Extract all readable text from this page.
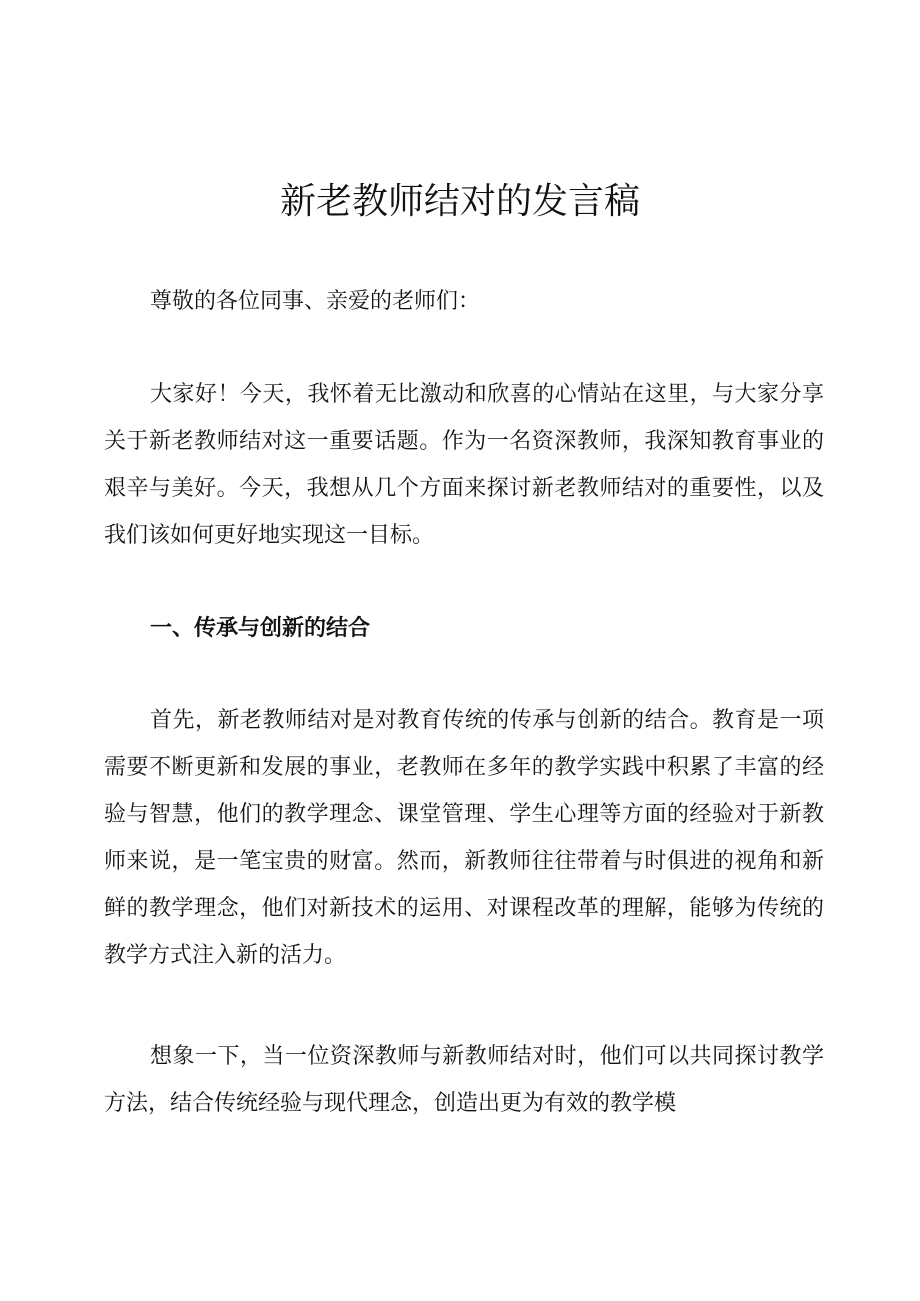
新老教师结对的发言稿

尊敬的各位同事、亲爱的老师们：

大家好！今天，我怀着无比激动和欣喜的心情站在这里，与大家分享关于新老教师结对这一重要话题。作为一名资深教师，我深知教育事业的艰辛与美好。今天，我想从几个方面来探讨新老教师结对的重要性，以及我们该如何更好地实现这一目标。

一、传承与创新的结合

首先，新老教师结对是对教育传统的传承与创新的结合。教育是一项需要不断更新和发展的事业，老教师在多年的教学实践中积累了丰富的经验与智慧，他们的教学理念、课堂管理、学生心理等方面的经验对于新教师来说，是一笔宝贵的财富。然而，新教师往往带着与时俱进的视角和新鲜的教学理念，他们对新技术的运用、对课程改革的理解，能够为传统的教学方式注入新的活力。

想象一下，当一位资深教师与新教师结对时，他们可以共同探讨教学方法，结合传统经验与现代理念，创造出更为有效的教学模
